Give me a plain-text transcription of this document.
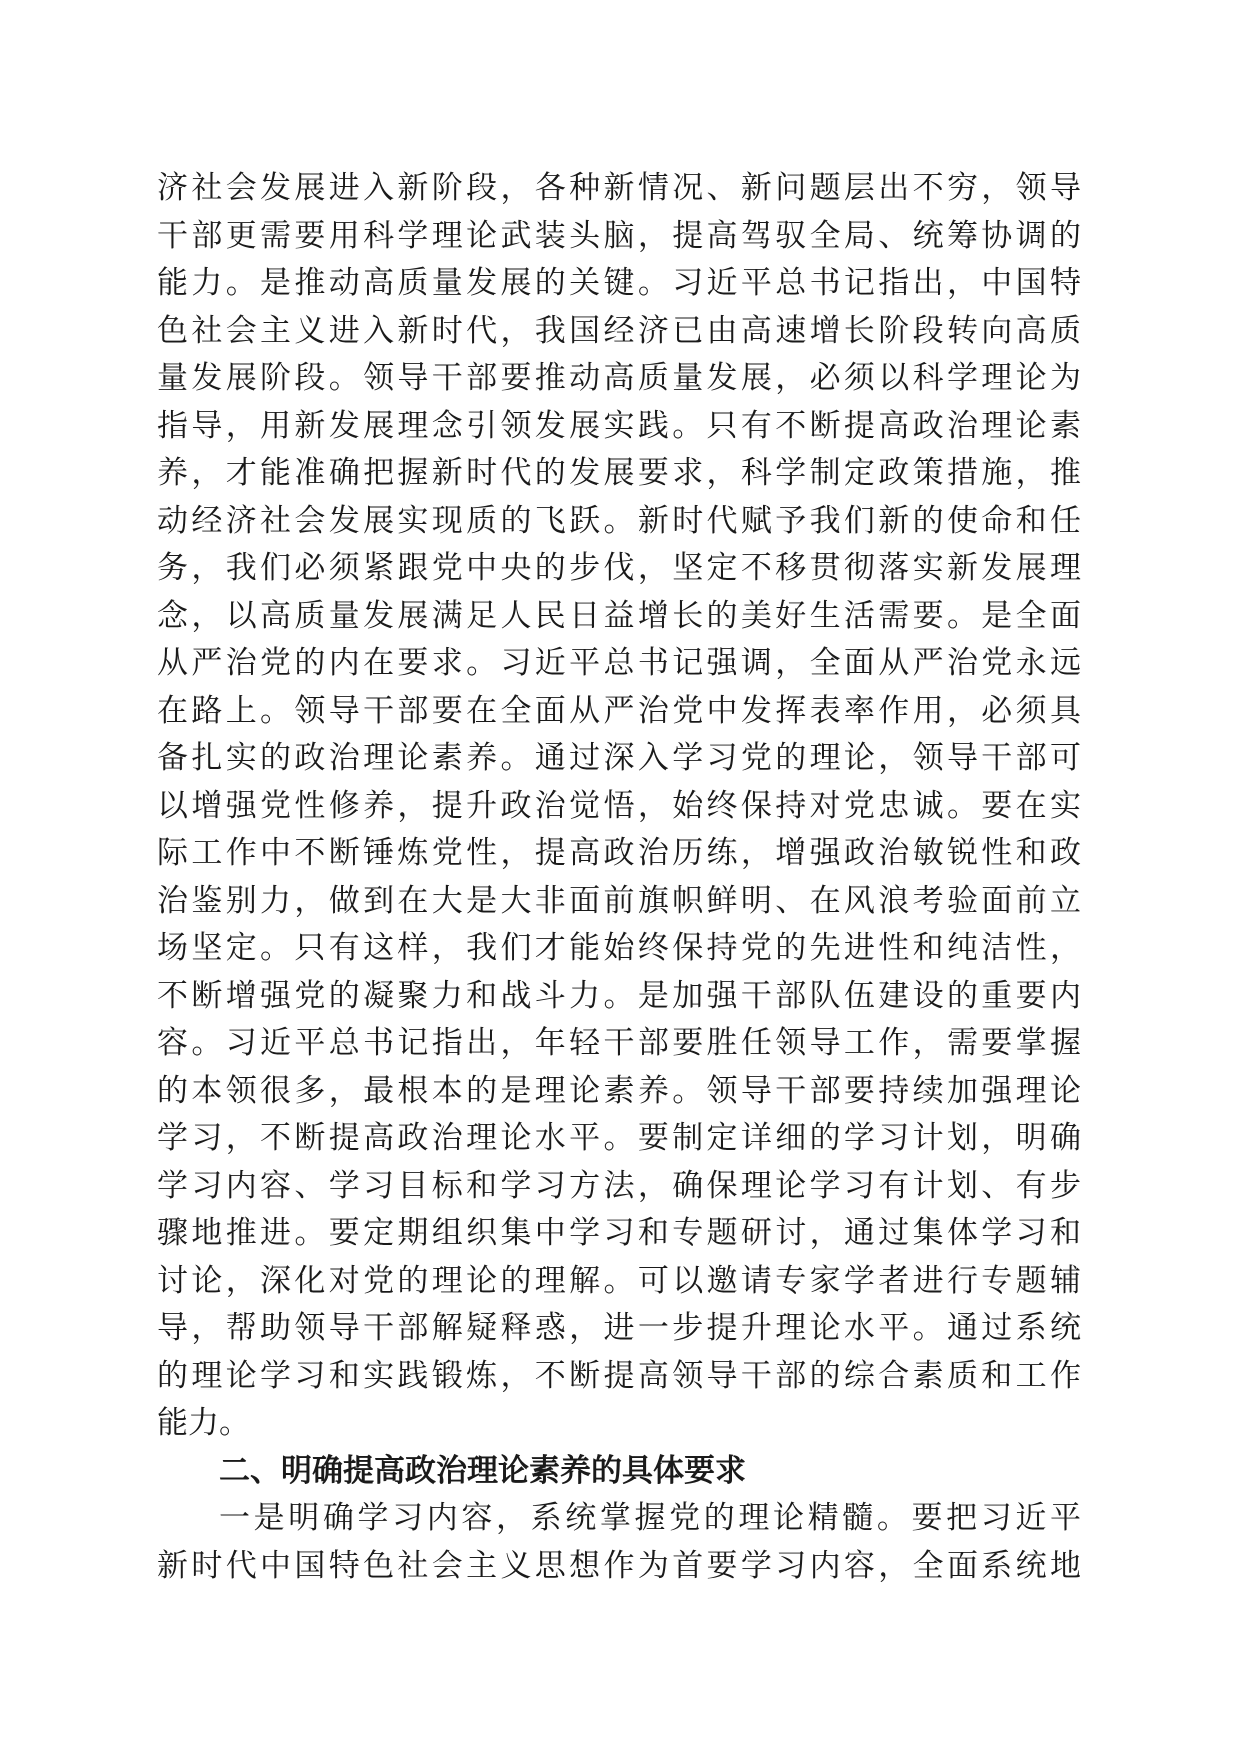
济社会发展进入新阶段，各种新情况、新问题层出不穷，领导
干部更需要用科学理论武装头脑，提高驾驭全局、统筹协调的
能力。是推动高质量发展的关键。习近平总书记指出，中国特
色社会主义进入新时代，我国经济已由高速增长阶段转向高质
量发展阶段。领导干部要推动高质量发展，必须以科学理论为
指导，用新发展理念引领发展实践。只有不断提高政治理论素
养，才能准确把握新时代的发展要求，科学制定政策措施，推
动经济社会发展实现质的飞跃。新时代赋予我们新的使命和任
务，我们必须紧跟党中央的步伐，坚定不移贯彻落实新发展理
念，以高质量发展满足人民日益增长的美好生活需要。是全面
从严治党的内在要求。习近平总书记强调，全面从严治党永远
在路上。领导干部要在全面从严治党中发挥表率作用，必须具
备扎实的政治理论素养。通过深入学习党的理论，领导干部可
以增强党性修养，提升政治觉悟，始终保持对党忠诚。要在实
际工作中不断锤炼党性，提高政治历练，增强政治敏锐性和政
治鉴别力，做到在大是大非面前旗帜鲜明、在风浪考验面前立
场坚定。只有这样，我们才能始终保持党的先进性和纯洁性，
不断增强党的凝聚力和战斗力。是加强干部队伍建设的重要内
容。习近平总书记指出，年轻干部要胜任领导工作，需要掌握
的本领很多，最根本的是理论素养。领导干部要持续加强理论
学习，不断提高政治理论水平。要制定详细的学习计划，明确
学习内容、学习目标和学习方法，确保理论学习有计划、有步
骤地推进。要定期组织集中学习和专题研讨，通过集体学习和
讨论，深化对党的理论的理解。可以邀请专家学者进行专题辅
导，帮助领导干部解疑释惑，进一步提升理论水平。通过系统
的理论学习和实践锻炼，不断提高领导干部的综合素质和工作
能力。
二、明确提高政治理论素养的具体要求
一是明确学习内容，系统掌握党的理论精髓。要把习近平
新时代中国特色社会主义思想作为首要学习内容，全面系统地
